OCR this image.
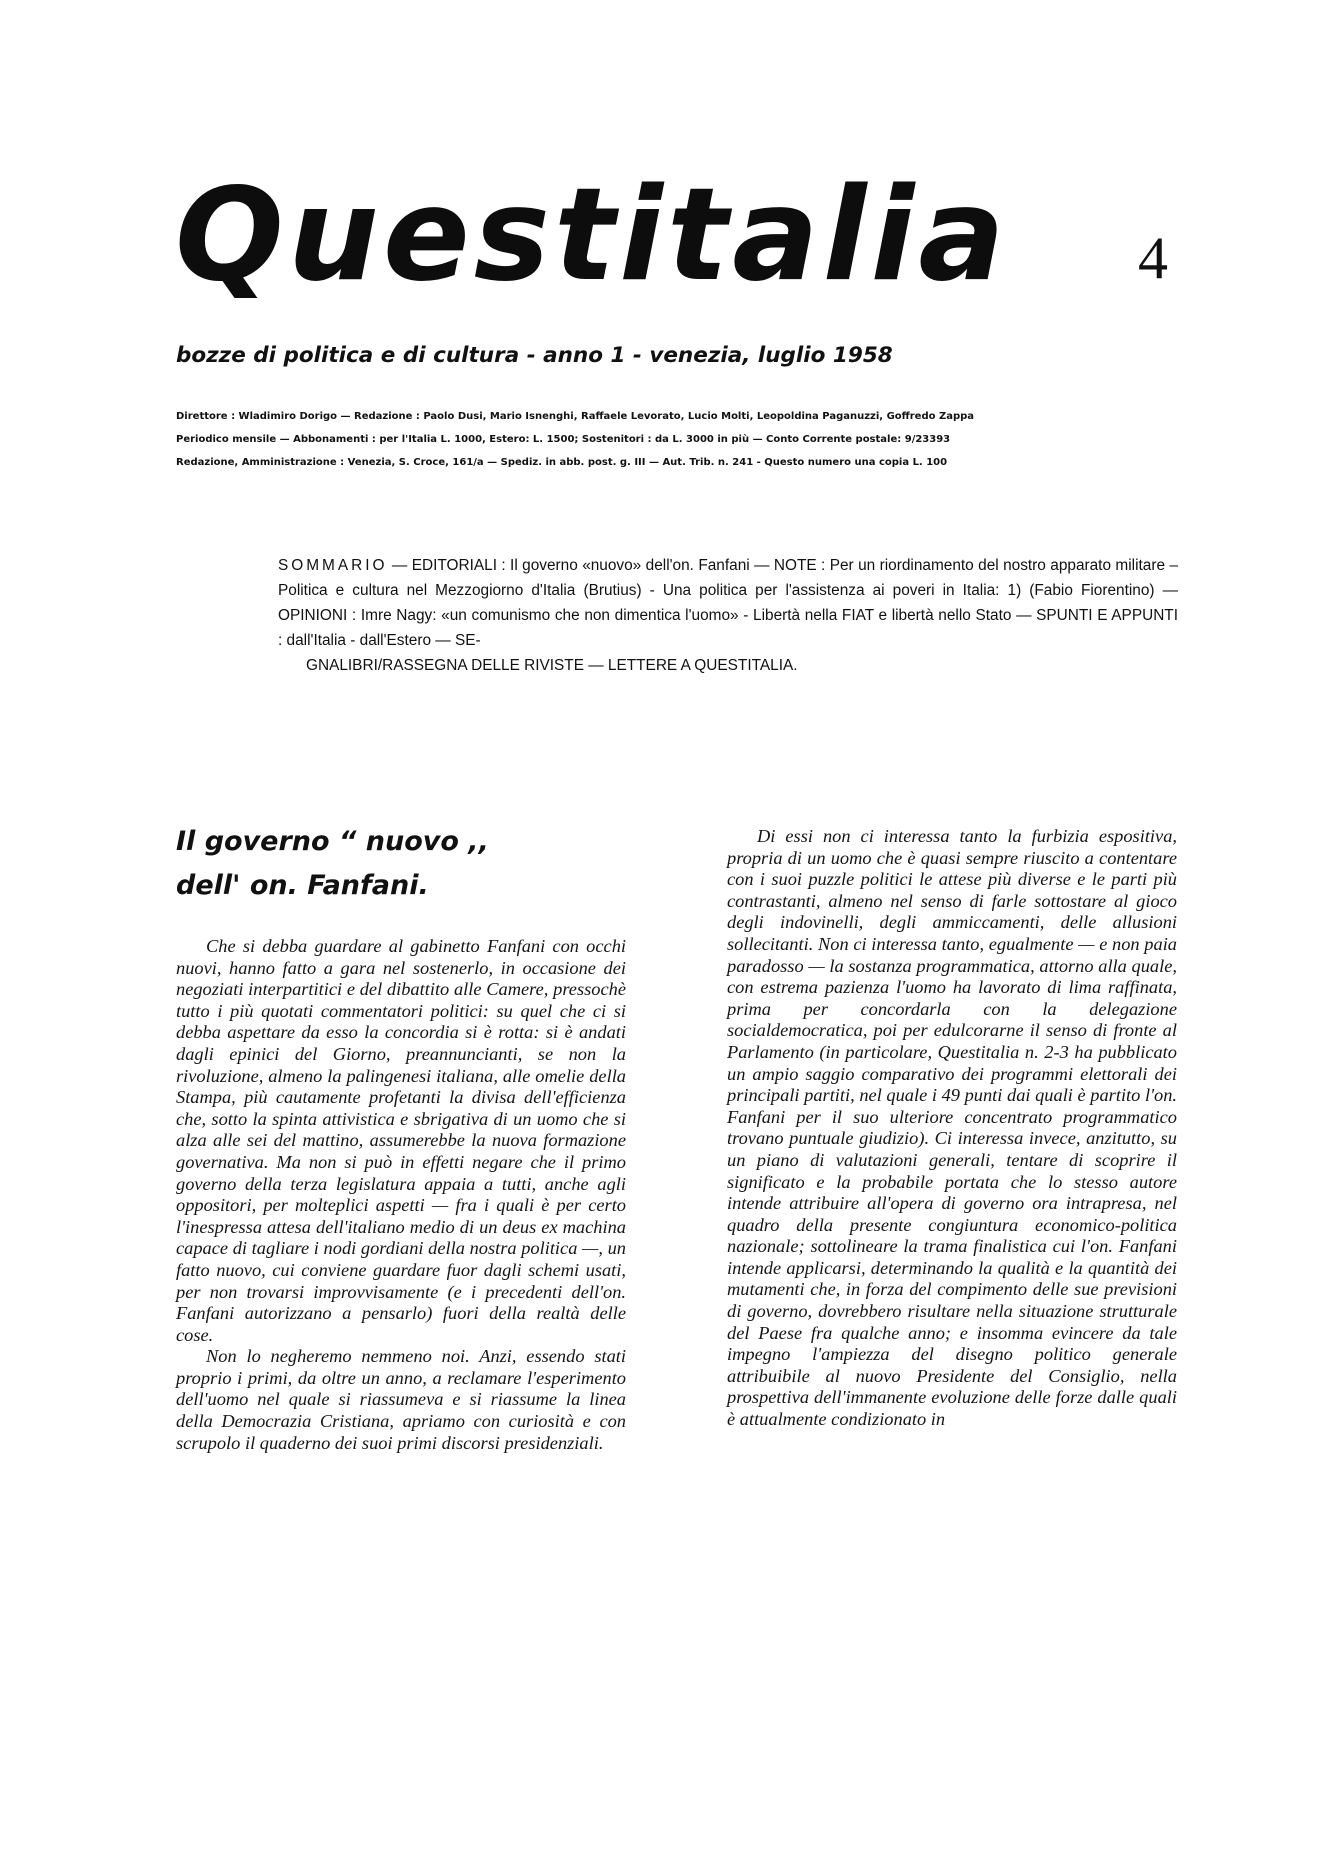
Questitalia 4
bozze di politica e di cultura - anno 1 - venezia, luglio 1958
Direttore : Wladimiro Dorigo — Redazione : Paolo Dusi, Mario Isnenghi, Raffaele Levorato, Lucio Molti, Leopoldina Paganuzzi, Goffredo Zappa
Periodico mensile — Abbonamenti : per l'Italia L. 1000, Estero: L. 1500; Sostenitori : da L. 3000 in più — Conto Corrente postale: 9/23393
Redazione, Amministrazione : Venezia, S. Croce, 161/a — Spediz. in abb. post. g. III — Aut. Trib. n. 241 - Questo numero una copia L. 100
SOMMARIO — EDITORIALI : Il governo «nuovo» dell'on. Fanfani — NOTE : Per un riordinamento del nostro apparato militare – Politica e cultura nel Mezzogiorno d'Italia (Brutius) - Una politica per l'assistenza ai poveri in Italia: 1) (Fabio Fiorentino) — OPINIONI : Imre Nagy: «un comunismo che non dimentica l'uomo» - Libertà nella FIAT e libertà nello Stato — SPUNTI E APPUNTI : dall'Italia - dall'Estero — SE-
GNALIBRI/RASSEGNA DELLE RIVISTE — LETTERE A QUESTITALIA.
Il governo “ nuovo ,,
dell' on. Fanfani.

Che si debba guardare al gabinetto Fanfani con occhi nuovi, hanno fatto a gara nel sostenerlo, in occasione dei negoziati interpartitici e del dibattito alle Camere, pressochè tutto i più quotati commentatori politici: su quel che ci si debba aspettare da esso la concordia si è rotta: si è andati dagli epinici del Giorno, preannuncianti, se non la rivoluzione, almeno la palingenesi italiana, alle omelie della Stampa, più cautamente profetanti la divisa dell'efficienza che, sotto la spinta attivistica e sbrigativa di un uomo che si alza alle sei del mattino, assumerebbe la nuova formazione governativa. Ma non si può in effetti negare che il primo governo della terza legislatura appaia a tutti, anche agli oppositori, per molteplici aspetti — fra i quali è per certo l'inespressa attesa dell'italiano medio di un deus ex machina capace di tagliare i nodi gordiani della nostra politica —, un fatto nuovo, cui conviene guardare fuor dagli schemi usati, per non trovarsi improvvisamente (e i precedenti dell'on. Fanfani autorizzano a pensarlo) fuori della realtà delle cose.

Non lo negheremo nemmeno noi. Anzi, essendo stati proprio i primi, da oltre un anno, a reclamare l'esperimento dell'uomo nel quale si riassumeva e si riassume la linea della Democrazia Cristiana, apriamo con curiosità e con scrupolo il quaderno dei suoi primi discorsi presidenziali.

Di essi non ci interessa tanto la furbizia espositiva, propria di un uomo che è quasi sempre riuscito a contentare con i suoi puzzle politici le attese più diverse e le parti più contrastanti, almeno nel senso di farle sottostare al gioco degli indovinelli, degli ammiccamenti, delle allusioni sollecitanti. Non ci interessa tanto, egualmente — e non paia paradosso — la sostanza programmatica, attorno alla quale, con estrema pazienza l'uomo ha lavorato di lima raffinata, prima per concordarla con la delegazione socialdemocratica, poi per edulcorarne il senso di fronte al Parlamento (in particolare, Questitalia n. 2-3 ha pubblicato un ampio saggio comparativo dei programmi elettorali dei principali partiti, nel quale i 49 punti dai quali è partito l'on. Fanfani per il suo ulteriore concentrato programmatico trovano puntuale giudizio). Ci interessa invece, anzitutto, su un piano di valutazioni generali, tentare di scoprire il significato e la probabile portata che lo stesso autore intende attribuire all'opera di governo ora intrapresa, nel quadro della presente congiuntura economico-politica nazionale; sottolineare la trama finalistica cui l'on. Fanfani intende applicarsi, determinando la qualità e la quantità dei mutamenti che, in forza del compimento delle sue previsioni di governo, dovrebbero risultare nella situazione strutturale del Paese fra qualche anno; e insomma evincere da tale impegno l'ampiezza del disegno politico generale attribuibile al nuovo Presidente del Consiglio, nella prospettiva dell'immanente evoluzione delle forze dalle quali è attualmente condizionato in
